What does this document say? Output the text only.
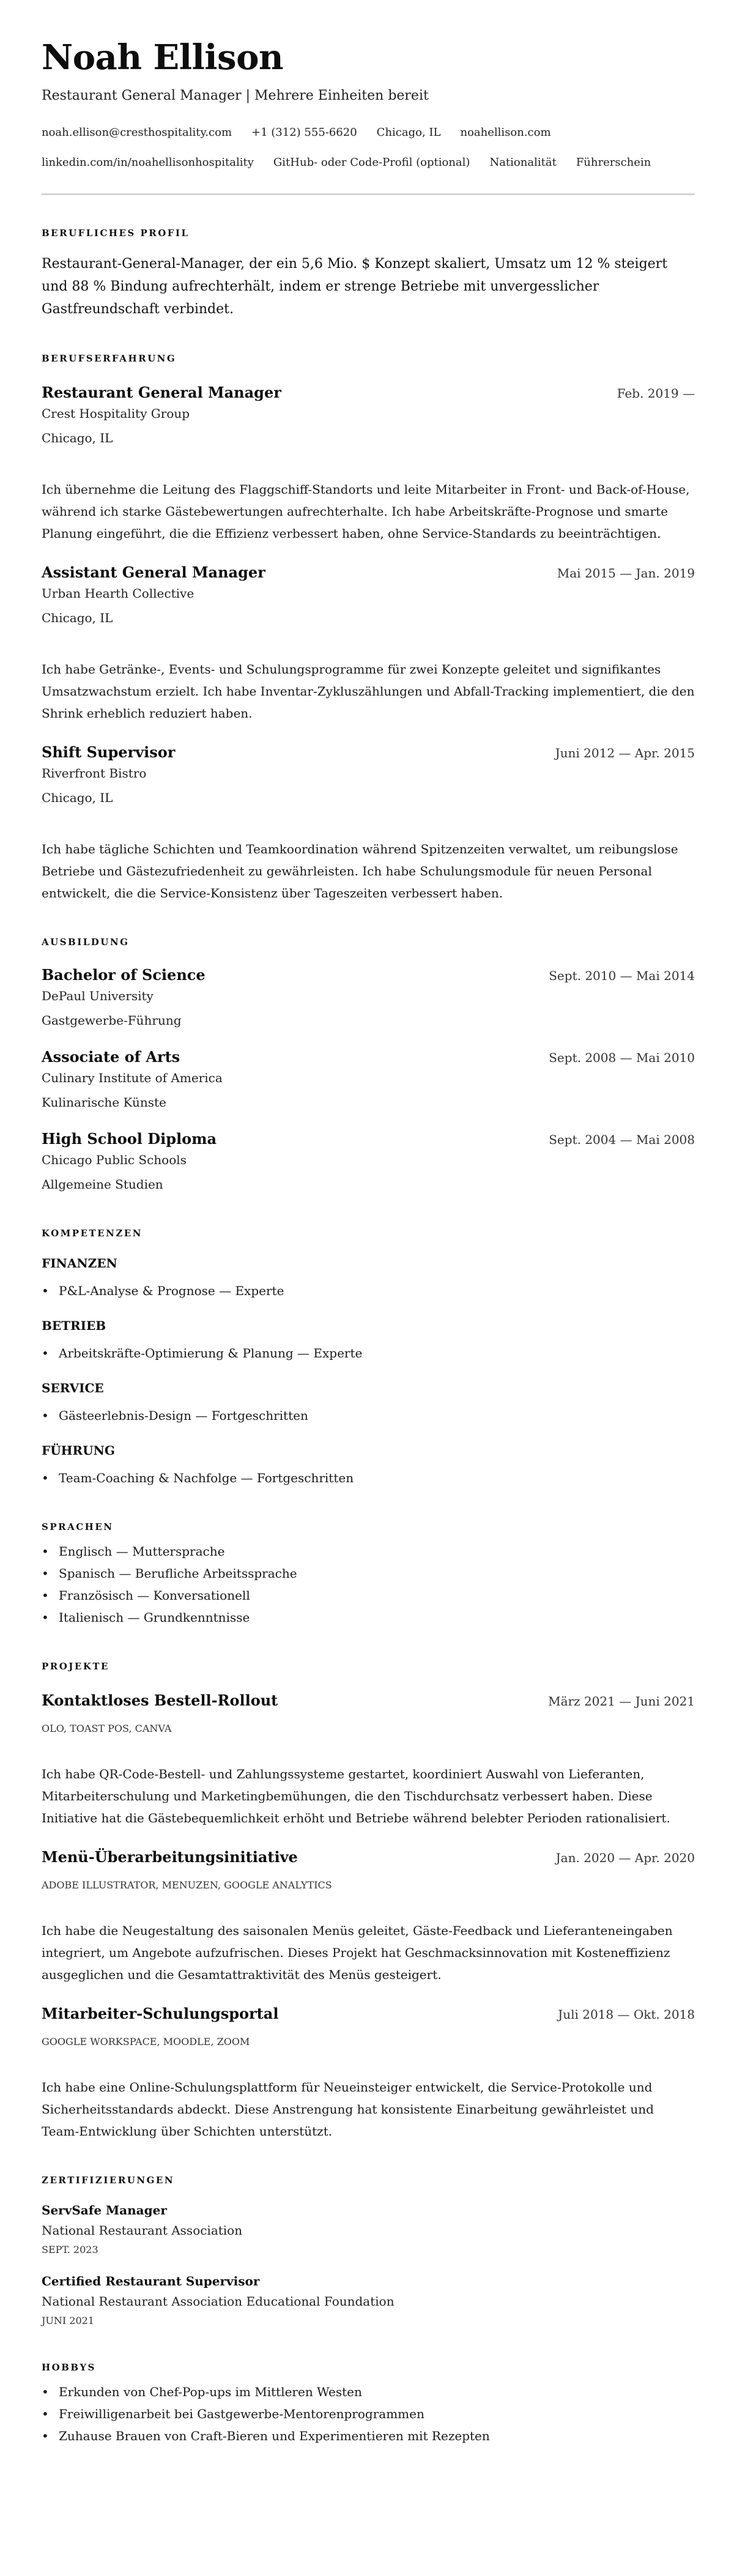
Noah Ellison
Restaurant General Manager | Mehrere Einheiten bereit
noah.ellison@cresthospitality.com +1 (312) 555-6620 Chicago, IL noahellison.com
linkedin.com/in/noahellisonhospitality GitHub- oder Code-Profil (optional) Nationalität Führerschein
BERUFLICHES PROFIL

Restaurant-General-Manager, der ein 5,6 Mio. $ Konzept skaliert, Umsatz um 12 % steigert und 88 % Bindung aufrechterhält, indem er strenge Betriebe mit unvergesslicher Gastfreundschaft verbindet.

BERUFSERFAHRUNG
Restaurant General Manager	Feb. 2019 —
Crest Hospitality Group
Chicago, IL

Ich übernehme die Leitung des Flaggschiff-Standorts und leite Mitarbeiter in Front- und Back-of-House, während ich starke Gästebewertungen aufrechterhalte. Ich habe Arbeitskräfte-Prognose und smarte Planung eingeführt, die die Effizienz verbessert haben, ohne Service-Standards zu beeinträchtigen.

Assistant General Manager	Mai 2015 — Jan. 2019
Urban Hearth Collective
Chicago, IL

Ich habe Getränke-, Events- und Schulungsprogramme für zwei Konzepte geleitet und signifikantes Umsatzwachstum erzielt. Ich habe Inventar-Zykluszählungen und Abfall-Tracking implementiert, die den Shrink erheblich reduziert haben.

Shift Supervisor	Juni 2012 — Apr. 2015
Riverfront Bistro
Chicago, IL

Ich habe tägliche Schichten und Teamkoordination während Spitzenzeiten verwaltet, um reibungslose Betriebe und Gästezufriedenheit zu gewährleisten. Ich habe Schulungsmodule für neuen Personal entwickelt, die die Service-Konsistenz über Tageszeiten verbessert haben.

AUSBILDUNG
Bachelor of Science	Sept. 2010 — Mai 2014
DePaul University
Gastgewerbe-Führung
Associate of Arts	Sept. 2008 — Mai 2010
Culinary Institute of America
Kulinarische Künste
High School Diploma	Sept. 2004 — Mai 2008
Chicago Public Schools
Allgemeine Studien
KOMPETENZEN
FINANZEN
• P&L-Analyse & Prognose — Experte
BETRIEB
• Arbeitskräfte-Optimierung & Planung — Experte
SERVICE
• Gästeerlebnis-Design — Fortgeschritten
FÜHRUNG
• Team-Coaching & Nachfolge — Fortgeschritten
SPRACHEN
• Englisch — Muttersprache
• Spanisch — Berufliche Arbeitssprache
• Französisch — Konversationell
• Italienisch — Grundkenntnisse
PROJEKTE
Kontaktloses Bestell-Rollout	März 2021 — Juni 2021
OLO, TOAST POS, CANVA

Ich habe QR-Code-Bestell- und Zahlungssysteme gestartet, koordiniert Auswahl von Lieferanten, Mitarbeiterschulung und Marketingbemühungen, die den Tischdurchsatz verbessert haben. Diese Initiative hat die Gästebequemlichkeit erhöht und Betriebe während belebter Perioden rationalisiert.

Menü-Überarbeitungsinitiative	Jan. 2020 — Apr. 2020
ADOBE ILLUSTRATOR, MENUZEN, GOOGLE ANALYTICS

Ich habe die Neugestaltung des saisonalen Menüs geleitet, Gäste-Feedback und Lieferanteneingaben integriert, um Angebote aufzufrischen. Dieses Projekt hat Geschmacksinnovation mit Kosteneffizienz ausgeglichen und die Gesamtattraktivität des Menüs gesteigert.

Mitarbeiter-Schulungsportal	Juli 2018 — Okt. 2018
GOOGLE WORKSPACE, MOODLE, ZOOM

Ich habe eine Online-Schulungsplattform für Neueinsteiger entwickelt, die Service-Protokolle und Sicherheitsstandards abdeckt. Diese Anstrengung hat konsistente Einarbeitung gewährleistet und Team-Entwicklung über Schichten unterstützt.

ZERTIFIZIERUNGEN
ServSafe Manager
National Restaurant Association
SEPT. 2023
Certified Restaurant Supervisor
National Restaurant Association Educational Foundation
JUNI 2021
HOBBYS
• Erkunden von Chef-Pop-ups im Mittleren Westen
• Freiwilligenarbeit bei Gastgewerbe-Mentorenprogrammen
• Zuhause Brauen von Craft-Bieren und Experimentieren mit Rezepten
